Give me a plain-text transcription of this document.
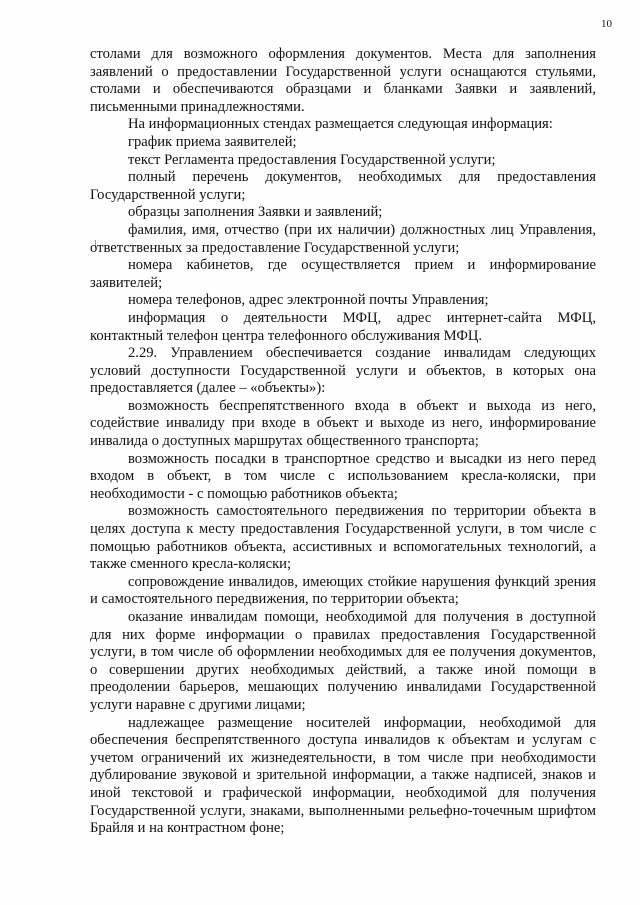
10

столами для возможного оформления документов. Места для заполнения заявлений о предоставлении Государственной услуги оснащаются стульями, столами и обеспечиваются образцами и бланками Заявки и заявлений, письменными принадлежностями.

На информационных стендах размещается следующая информация:

график приема заявителей;

текст Регламента предоставления Государственной услуги;

полный перечень документов, необходимых для предоставления Государственной услуги;

образцы заполнения Заявки и заявлений;

фамилия, имя, отчество (при их наличии) должностных лиц Управления, ответственных за предоставление Государственной услуги;

номера кабинетов, где осуществляется прием и информирование заявителей;

номера телефонов, адрес электронной почты Управления;

информация о деятельности МФЦ, адрес интернет-сайта МФЦ, контактный телефон центра телефонного обслуживания МФЦ.

2.29. Управлением обеспечивается создание инвалидам следующих условий доступности Государственной услуги и объектов, в которых она предоставляется (далее – «объекты»):

возможность беспрепятственного входа в объект и выхода из него, содействие инвалиду при входе в объект и выходе из него, информирование инвалида о доступных маршрутах общественного транспорта;

возможность посадки в транспортное средство и высадки из него перед входом в объект, в том числе с использованием кресла-коляски, при необходимости - с помощью работников объекта;

возможность самостоятельного передвижения по территории объекта в целях доступа к месту предоставления Государственной услуги, в том числе с помощью работников объекта, ассистивных и вспомогательных технологий, а также сменного кресла-коляски;

сопровождение инвалидов, имеющих стойкие нарушения функций зрения и самостоятельного передвижения, по территории объекта;

оказание инвалидам помощи, необходимой для получения в доступной для них форме информации о правилах предоставления Государственной услуги, в том числе об оформлении необходимых для ее получения документов, о совершении других необходимых действий, а также иной помощи в преодолении барьеров, мешающих получению инвалидами Государственной услуги наравне с другими лицами;

надлежащее размещение носителей информации, необходимой для обеспечения беспрепятственного доступа инвалидов к объектам и услугам с учетом ограничений их жизнедеятельности, в том числе при необходимости дублирование звуковой и зрительной информации, а также надписей, знаков и иной текстовой и графической информации, необходимой для получения Государственной услуги, знаками, выполненными рельефно-точечным шрифтом Брайля и на контрастном фоне;
